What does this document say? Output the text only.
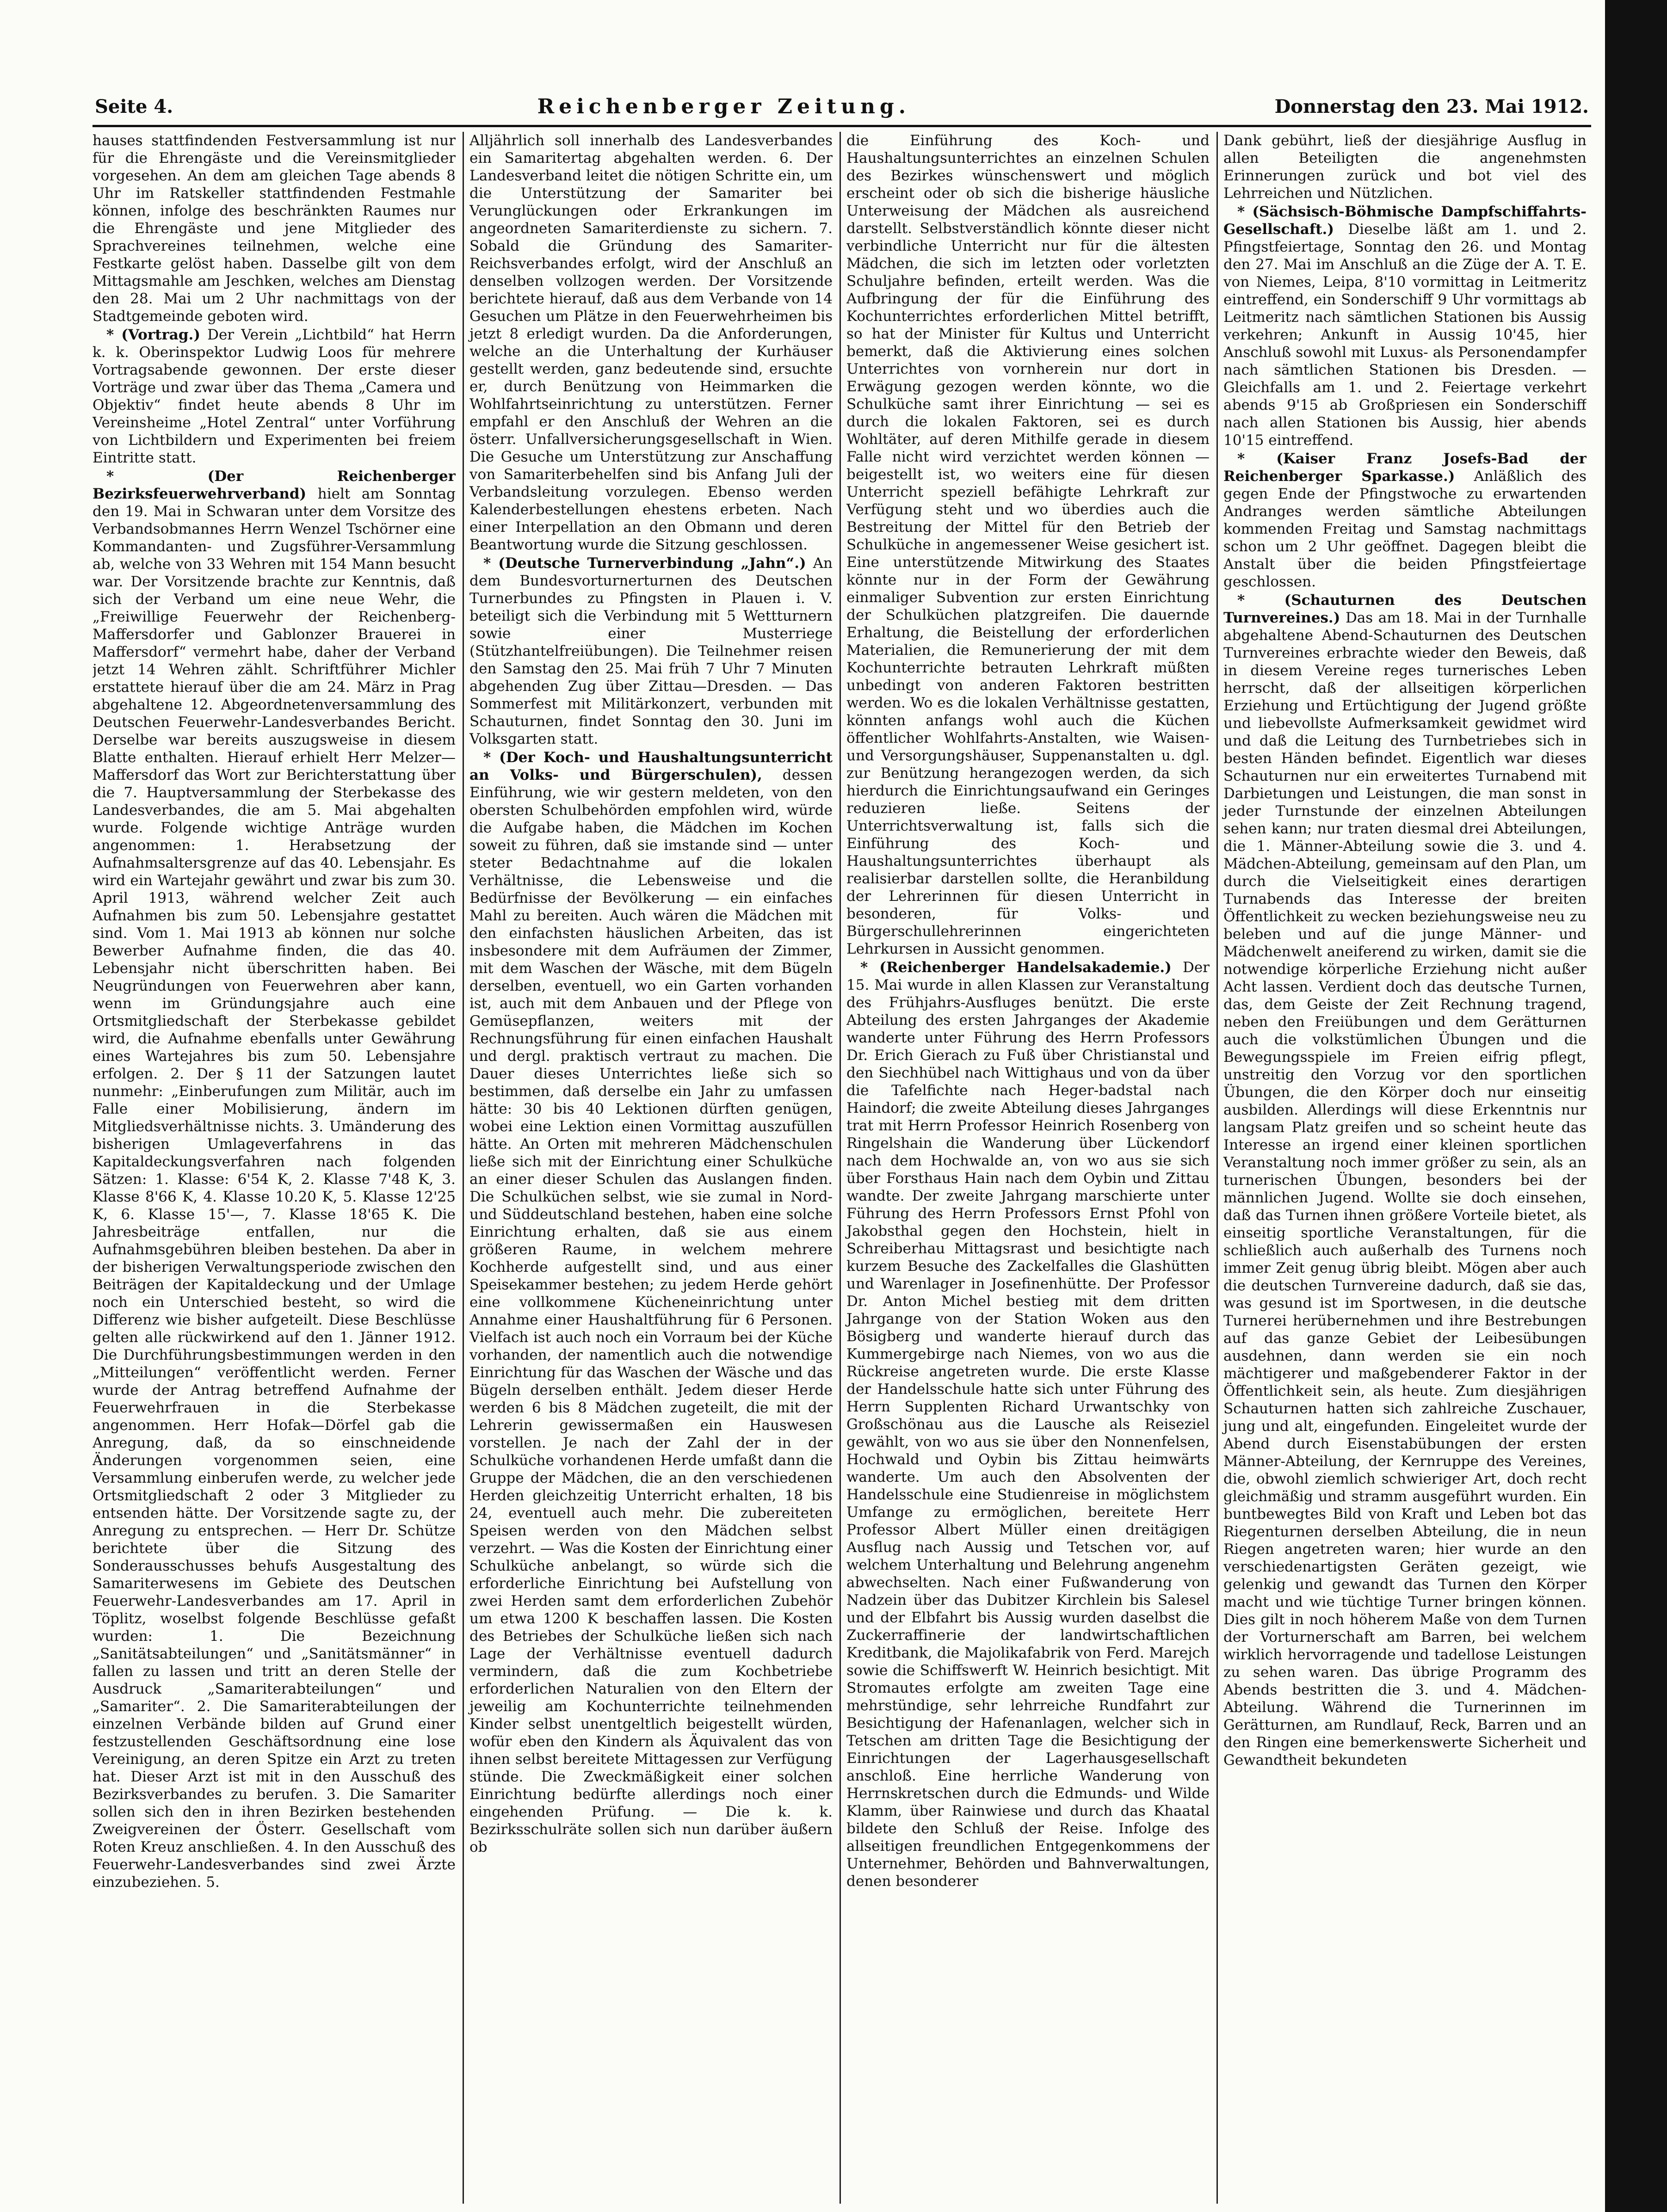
Seite 4.	Reichenberger Zeitung.	Donnerstag den 23. Mai 1912.

hauses stattfindenden Festversammlung ist nur für die Ehrengäste und die Vereinsmitglieder vorgesehen. An dem am gleichen Tage abends 8 Uhr im Ratskeller stattfindenden Festmahle können, infolge des beschränkten Raumes nur die Ehrengäste und jene Mitglieder des Sprachvereines teilnehmen, welche eine Festkarte gelöst haben. Dasselbe gilt von dem Mittagsmahle am Jeschken, welches am Dienstag den 28. Mai um 2 Uhr nachmittags von der Stadtgemeinde geboten wird.

* (Vortrag.) Der Verein „Lichtbild“ hat Herrn k. k. Oberinspektor Ludwig Loos für mehrere Vortragsabende gewonnen. Der erste dieser Vorträge und zwar über das Thema „Camera und Objektiv“ findet heute abends 8 Uhr im Vereinsheime „Hotel Zentral“ unter Vorführung von Lichtbildern und Experimenten bei freiem Eintritte statt.

* (Der Reichenberger Bezirksfeuerwehrverband) hielt am Sonntag den 19. Mai in Schwaran unter dem Vorsitze des Verbandsobmannes Herrn Wenzel Tschörner eine Kommandanten- und Zugsführer-Versammlung ab, welche von 33 Wehren mit 154 Mann besucht war. Der Vorsitzende brachte zur Kenntnis, daß sich der Verband um eine neue Wehr, die „Freiwillige Feuerwehr der Reichenberg-Maffersdorfer und Gablonzer Brauerei in Maffersdorf“ vermehrt habe, daher der Verband jetzt 14 Wehren zählt. Schriftführer Michler erstattete hierauf über die am 24. März in Prag abgehaltene 12. Abgeordnetenversammlung des Deutschen Feuerwehr-Landesverbandes Bericht. Derselbe war bereits auszugsweise in diesem Blatte enthalten. Hierauf erhielt Herr Melzer—Maffersdorf das Wort zur Berichterstattung über die 7. Hauptversammlung der Sterbekasse des Landesverbandes, die am 5. Mai abgehalten wurde. Folgende wichtige Anträge wurden angenommen: 1. Herabsetzung der Aufnahmsaltersgrenze auf das 40. Lebensjahr. Es wird ein Wartejahr gewährt und zwar bis zum 30. April 1913, während welcher Zeit auch Aufnahmen bis zum 50. Lebensjahre gestattet sind. Vom 1. Mai 1913 ab können nur solche Bewerber Aufnahme finden, die das 40. Lebensjahr nicht überschritten haben. Bei Neugründungen von Feuerwehren aber kann, wenn im Gründungsjahre auch eine Ortsmitgliedschaft der Sterbekasse gebildet wird, die Aufnahme ebenfalls unter Gewährung eines Wartejahres bis zum 50. Lebensjahre erfolgen. 2. Der § 11 der Satzungen lautet nunmehr: „Einberufungen zum Militär, auch im Falle einer Mobilisierung, ändern im Mitgliedsverhältnisse nichts. 3. Umänderung des bisherigen Umlageverfahrens in das Kapitaldeckungsverfahren nach folgenden Sätzen: 1. Klasse: 6'54 K, 2. Klasse 7'48 K, 3. Klasse 8'66 K, 4. Klasse 10.20 K, 5. Klasse 12'25 K, 6. Klasse 15'—, 7. Klasse 18'65 K. Die Jahresbeiträge entfallen, nur die Aufnahmsgebühren bleiben bestehen. Da aber in der bisherigen Verwaltungsperiode zwischen den Beiträgen der Kapitaldeckung und der Umlage noch ein Unterschied besteht, so wird die Differenz wie bisher aufgeteilt. Diese Beschlüsse gelten alle rückwirkend auf den 1. Jänner 1912. Die Durchführungsbestimmungen werden in den „Mitteilungen“ veröffentlicht werden. Ferner wurde der Antrag betreffend Aufnahme der Feuerwehrfrauen in die Sterbekasse angenommen. Herr Hofak—Dörfel gab die Anregung, daß, da so einschneidende Änderungen vorgenommen seien, eine Versammlung einberufen werde, zu welcher jede Ortsmitgliedschaft 2 oder 3 Mitglieder zu entsenden hätte. Der Vorsitzende sagte zu, der Anregung zu entsprechen. — Herr Dr. Schütze berichtete über die Sitzung des Sonderausschusses behufs Ausgestaltung des Samariterwesens im Gebiete des Deutschen Feuerwehr-Landesverbandes am 17. April in Töplitz, woselbst folgende Beschlüsse gefaßt wurden: 1. Die Bezeichnung „Sanitätsabteilungen“ und „Sanitätsmänner“ in fallen zu lassen und tritt an deren Stelle der Ausdruck „Samariterabteilungen“ und „Samariter“. 2. Die Samariterabteilungen der einzelnen Verbände bilden auf Grund einer festzustellenden Geschäftsordnung eine lose Vereinigung, an deren Spitze ein Arzt zu treten hat. Dieser Arzt ist mit in den Ausschuß des Bezirksverbandes zu berufen. 3. Die Samariter sollen sich den in ihren Bezirken bestehenden Zweigvereinen der Österr. Gesellschaft vom Roten Kreuz anschließen. 4. In den Ausschuß des Feuerwehr-Landesverbandes sind zwei Ärzte einzubeziehen. 5.

Alljährlich soll innerhalb des Landesverbandes ein Samaritertag abgehalten werden. 6. Der Landesverband leitet die nötigen Schritte ein, um die Unterstützung der Samariter bei Verunglückungen oder Erkrankungen im angeordneten Samariterdienste zu sichern. 7. Sobald die Gründung des Samariter-Reichsverbandes erfolgt, wird der Anschluß an denselben vollzogen werden. Der Vorsitzende berichtete hierauf, daß aus dem Verbande von 14 Gesuchen um Plätze in den Feuerwehrheimen bis jetzt 8 erledigt wurden. Da die Anforderungen, welche an die Unterhaltung der Kurhäuser gestellt werden, ganz bedeutende sind, ersuchte er, durch Benützung von Heimmarken die Wohlfahrtseinrichtung zu unterstützen. Ferner empfahl er den Anschluß der Wehren an die österr. Unfallversicherungsgesellschaft in Wien. Die Gesuche um Unterstützung zur Anschaffung von Samariterbehelfen sind bis Anfang Juli der Verbandsleitung vorzulegen. Ebenso werden Kalenderbestellungen ehestens erbeten. Nach einer Interpellation an den Obmann und deren Beantwortung wurde die Sitzung geschlossen.

* (Deutsche Turnerverbindung „Jahn“.) An dem Bundesvorturnerturnen des Deutschen Turnerbundes zu Pfingsten in Plauen i. V. beteiligt sich die Verbindung mit 5 Wettturnern sowie einer Musterriege (Stützhantelfreiübungen). Die Teilnehmer reisen den Samstag den 25. Mai früh 7 Uhr 7 Minuten abgehenden Zug über Zittau—Dresden. — Das Sommerfest mit Militärkonzert, verbunden mit Schauturnen, findet Sonntag den 30. Juni im Volksgarten statt.

* (Der Koch- und Haushaltungsunterricht an Volks- und Bürgerschulen), dessen Einführung, wie wir gestern meldeten, von den obersten Schulbehörden empfohlen wird, würde die Aufgabe haben, die Mädchen im Kochen soweit zu führen, daß sie imstande sind — unter steter Bedachtnahme auf die lokalen Verhältnisse, die Lebensweise und die Bedürfnisse der Bevölkerung — ein einfaches Mahl zu bereiten. Auch wären die Mädchen mit den einfachsten häuslichen Arbeiten, das ist insbesondere mit dem Aufräumen der Zimmer, mit dem Waschen der Wäsche, mit dem Bügeln derselben, eventuell, wo ein Garten vorhanden ist, auch mit dem Anbauen und der Pflege von Gemüsepflanzen, weiters mit der Rechnungsführung für einen einfachen Haushalt und dergl. praktisch vertraut zu machen. Die Dauer dieses Unterrichtes ließe sich so bestimmen, daß derselbe ein Jahr zu umfassen hätte: 30 bis 40 Lektionen dürften genügen, wobei eine Lektion einen Vormittag auszufüllen hätte. An Orten mit mehreren Mädchenschulen ließe sich mit der Einrichtung einer Schulküche an einer dieser Schulen das Auslangen finden. Die Schulküchen selbst, wie sie zumal in Nord- und Süddeutschland bestehen, haben eine solche Einrichtung erhalten, daß sie aus einem größeren Raume, in welchem mehrere Kochherde aufgestellt sind, und aus einer Speisekammer bestehen; zu jedem Herde gehört eine vollkommene Kücheneinrichtung unter Annahme einer Haushaltführung für 6 Personen. Vielfach ist auch noch ein Vorraum bei der Küche vorhanden, der namentlich auch die notwendige Einrichtung für das Waschen der Wäsche und das Bügeln derselben enthält. Jedem dieser Herde werden 6 bis 8 Mädchen zugeteilt, die mit der Lehrerin gewissermaßen ein Hauswesen vorstellen. Je nach der Zahl der in der Schulküche vorhandenen Herde umfaßt dann die Gruppe der Mädchen, die an den verschiedenen Herden gleichzeitig Unterricht erhalten, 18 bis 24, eventuell auch mehr. Die zubereiteten Speisen werden von den Mädchen selbst verzehrt. — Was die Kosten der Einrichtung einer Schulküche anbelangt, so würde sich die erforderliche Einrichtung bei Aufstellung von zwei Herden samt dem erforderlichen Zubehör um etwa 1200 K beschaffen lassen. Die Kosten des Betriebes der Schulküche ließen sich nach Lage der Verhältnisse eventuell dadurch vermindern, daß die zum Kochbetriebe erforderlichen Naturalien von den Eltern der jeweilig am Kochunterrichte teilnehmenden Kinder selbst unentgeltlich beigestellt würden, wofür eben den Kindern als Äquivalent das von ihnen selbst bereitete Mittagessen zur Verfügung stünde. Die Zweckmäßigkeit einer solchen Einrichtung bedürfte allerdings noch einer eingehenden Prüfung. — Die k. k. Bezirksschulräte sollen sich nun darüber äußern ob

die Einführung des Koch- und Haushaltungsunterrichtes an einzelnen Schulen des Bezirkes wünschenswert und möglich erscheint oder ob sich die bisherige häusliche Unterweisung der Mädchen als ausreichend darstellt. Selbstverständlich könnte dieser nicht verbindliche Unterricht nur für die ältesten Mädchen, die sich im letzten oder vorletzten Schuljahre befinden, erteilt werden. Was die Aufbringung der für die Einführung des Kochunterrichtes erforderlichen Mittel betrifft, so hat der Minister für Kultus und Unterricht bemerkt, daß die Aktivierung eines solchen Unterrichtes von vornherein nur dort in Erwägung gezogen werden könnte, wo die Schulküche samt ihrer Einrichtung — sei es durch die lokalen Faktoren, sei es durch Wohltäter, auf deren Mithilfe gerade in diesem Falle nicht wird verzichtet werden können — beigestellt ist, wo weiters eine für diesen Unterricht speziell befähigte Lehrkraft zur Verfügung steht und wo überdies auch die Bestreitung der Mittel für den Betrieb der Schulküche in angemessener Weise gesichert ist. Eine unterstützende Mitwirkung des Staates könnte nur in der Form der Gewährung einmaliger Subvention zur ersten Einrichtung der Schulküchen platzgreifen. Die dauernde Erhaltung, die Beistellung der erforderlichen Materialien, die Remunerierung der mit dem Kochunterrichte betrauten Lehrkraft müßten unbedingt von anderen Faktoren bestritten werden. Wo es die lokalen Verhältnisse gestatten, könnten anfangs wohl auch die Küchen öffentlicher Wohlfahrts-Anstalten, wie Waisen- und Versorgungshäuser, Suppenanstalten u. dgl. zur Benützung herangezogen werden, da sich hierdurch die Einrichtungsaufwand ein Geringes reduzieren ließe. Seitens der Unterrichtsverwaltung ist, falls sich die Einführung des Koch- und Haushaltungsunterrichtes überhaupt als realisierbar darstellen sollte, die Heranbildung der Lehrerinnen für diesen Unterricht in besonderen, für Volks- und Bürgerschullehrerinnen eingerichteten Lehrkursen in Aussicht genommen.

* (Reichenberger Handelsakademie.) Der 15. Mai wurde in allen Klassen zur Veranstaltung des Frühjahrs-Ausfluges benützt. Die erste Abteilung des ersten Jahrganges der Akademie wanderte unter Führung des Herrn Professors Dr. Erich Gierach zu Fuß über Christianstal und den Siechhübel nach Wittighaus und von da über die Tafelfichte nach Heger-badstal nach Haindorf; die zweite Abteilung dieses Jahrganges trat mit Herrn Professor Heinrich Rosenberg von Ringelshain die Wanderung über Lückendorf nach dem Hochwalde an, von wo aus sie sich über Forsthaus Hain nach dem Oybin und Zittau wandte. Der zweite Jahrgang marschierte unter Führung des Herrn Professors Ernst Pfohl von Jakobsthal gegen den Hochstein, hielt in Schreiberhau Mittagsrast und besichtigte nach kurzem Besuche des Zackelfalles die Glashütten und Warenlager in Josefinenhütte. Der Professor Dr. Anton Michel bestieg mit dem dritten Jahrgange von der Station Woken aus den Bösigberg und wanderte hierauf durch das Kummergebirge nach Niemes, von wo aus die Rückreise angetreten wurde. Die erste Klasse der Handelsschule hatte sich unter Führung des Herrn Supplenten Richard Urwantschky von Großschönau aus die Lausche als Reiseziel gewählt, von wo aus sie über den Nonnenfelsen, Hochwald und Oybin bis Zittau heimwärts wanderte. Um auch den Absolventen der Handelsschule eine Studienreise in möglichstem Umfange zu ermöglichen, bereitete Herr Professor Albert Müller einen dreitägigen Ausflug nach Aussig und Tetschen vor, auf welchem Unterhaltung und Belehrung angenehm abwechselten. Nach einer Fußwanderung von Nadzein über das Dubitzer Kirchlein bis Salesel und der Elbfahrt bis Aussig wurden daselbst die Zuckerraffinerie der landwirtschaftlichen Kreditbank, die Majolikafabrik von Ferd. Marejch sowie die Schiffswerft W. Heinrich besichtigt. Mit Stromautes erfolgte am zweiten Tage eine mehrstündige, sehr lehrreiche Rundfahrt zur Besichtigung der Hafenanlagen, welcher sich in Tetschen am dritten Tage die Besichtigung der Einrichtungen der Lagerhausgesellschaft anschloß. Eine herrliche Wanderung von Herrnskretschen durch die Edmunds- und Wilde Klamm, über Rainwiese und durch das Khaatal bildete den Schluß der Reise. Infolge des allseitigen freundlichen Entgegenkommens der Unternehmer, Behörden und Bahnverwaltungen, denen besonderer

Dank gebührt, ließ der diesjährige Ausflug in allen Beteiligten die angenehmsten Erinnerungen zurück und bot viel des Lehrreichen und Nützlichen.

* (Sächsisch-Böhmische Dampfschiffahrts-Gesellschaft.) Dieselbe läßt am 1. und 2. Pfingstfeiertage, Sonntag den 26. und Montag den 27. Mai im Anschluß an die Züge der A. T. E. von Niemes, Leipa, 8'10 vormittag in Leitmeritz eintreffend, ein Sonderschiff 9 Uhr vormittags ab Leitmeritz nach sämtlichen Stationen bis Aussig verkehren; Ankunft in Aussig 10'45, hier Anschluß sowohl mit Luxus- als Personendampfer nach sämtlichen Stationen bis Dresden. — Gleichfalls am 1. und 2. Feiertage verkehrt abends 9'15 ab Großpriesen ein Sonderschiff nach allen Stationen bis Aussig, hier abends 10'15 eintreffend.

* (Kaiser Franz Josefs-Bad der Reichenberger Sparkasse.) Anläßlich des gegen Ende der Pfingstwoche zu erwartenden Andranges werden sämtliche Abteilungen kommenden Freitag und Samstag nachmittags schon um 2 Uhr geöffnet. Dagegen bleibt die Anstalt über die beiden Pfingstfeiertage geschlossen.

* (Schauturnen des Deutschen Turnvereines.) Das am 18. Mai in der Turnhalle abgehaltene Abend-Schauturnen des Deutschen Turnvereines erbrachte wieder den Beweis, daß in diesem Vereine reges turnerisches Leben herrscht, daß der allseitigen körperlichen Erziehung und Ertüchtigung der Jugend größte und liebevollste Aufmerksamkeit gewidmet wird und daß die Leitung des Turnbetriebes sich in besten Händen befindet. Eigentlich war dieses Schauturnen nur ein erweitertes Turnabend mit Darbietungen und Leistungen, die man sonst in jeder Turnstunde der einzelnen Abteilungen sehen kann; nur traten diesmal drei Abteilungen, die 1. Männer-Abteilung sowie die 3. und 4. Mädchen-Abteilung, gemeinsam auf den Plan, um durch die Vielseitigkeit eines derartigen Turnabends das Interesse der breiten Öffentlichkeit zu wecken beziehungsweise neu zu beleben und auf die junge Männer- und Mädchenwelt aneiferend zu wirken, damit sie die notwendige körperliche Erziehung nicht außer Acht lassen. Verdient doch das deutsche Turnen, das, dem Geiste der Zeit Rechnung tragend, neben den Freiübungen und dem Gerätturnen auch die volkstümlichen Übungen und die Bewegungsspiele im Freien eifrig pflegt, unstreitig den Vorzug vor den sportlichen Übungen, die den Körper doch nur einseitig ausbilden. Allerdings will diese Erkenntnis nur langsam Platz greifen und so scheint heute das Interesse an irgend einer kleinen sportlichen Veranstaltung noch immer größer zu sein, als an turnerischen Übungen, besonders bei der männlichen Jugend. Wollte sie doch einsehen, daß das Turnen ihnen größere Vorteile bietet, als einseitig sportliche Veranstaltungen, für die schließlich auch außerhalb des Turnens noch immer Zeit genug übrig bleibt. Mögen aber auch die deutschen Turnvereine dadurch, daß sie das, was gesund ist im Sportwesen, in die deutsche Turnerei herübernehmen und ihre Bestrebungen auf das ganze Gebiet der Leibesübungen ausdehnen, dann werden sie ein noch mächtigerer und maßgebenderer Faktor in der Öffentlichkeit sein, als heute. Zum diesjährigen Schauturnen hatten sich zahlreiche Zuschauer, jung und alt, eingefunden. Eingeleitet wurde der Abend durch Eisenstabübungen der ersten Männer-Abteilung, der Kernruppe des Vereines, die, obwohl ziemlich schwieriger Art, doch recht gleichmäßig und stramm ausgeführt wurden. Ein buntbewegtes Bild von Kraft und Leben bot das Riegenturnen derselben Abteilung, die in neun Riegen angetreten waren; hier wurde an den verschiedenartigsten Geräten gezeigt, wie gelenkig und gewandt das Turnen den Körper macht und wie tüchtige Turner bringen können. Dies gilt in noch höherem Maße von dem Turnen der Vorturnerschaft am Barren, bei welchem wirklich hervorragende und tadellose Leistungen zu sehen waren. Das übrige Programm des Abends bestritten die 3. und 4. Mädchen-Abteilung. Während die Turnerinnen im Gerätturnen, am Rundlauf, Reck, Barren und an den Ringen eine bemerkenswerte Sicherheit und Gewandtheit bekundeten
